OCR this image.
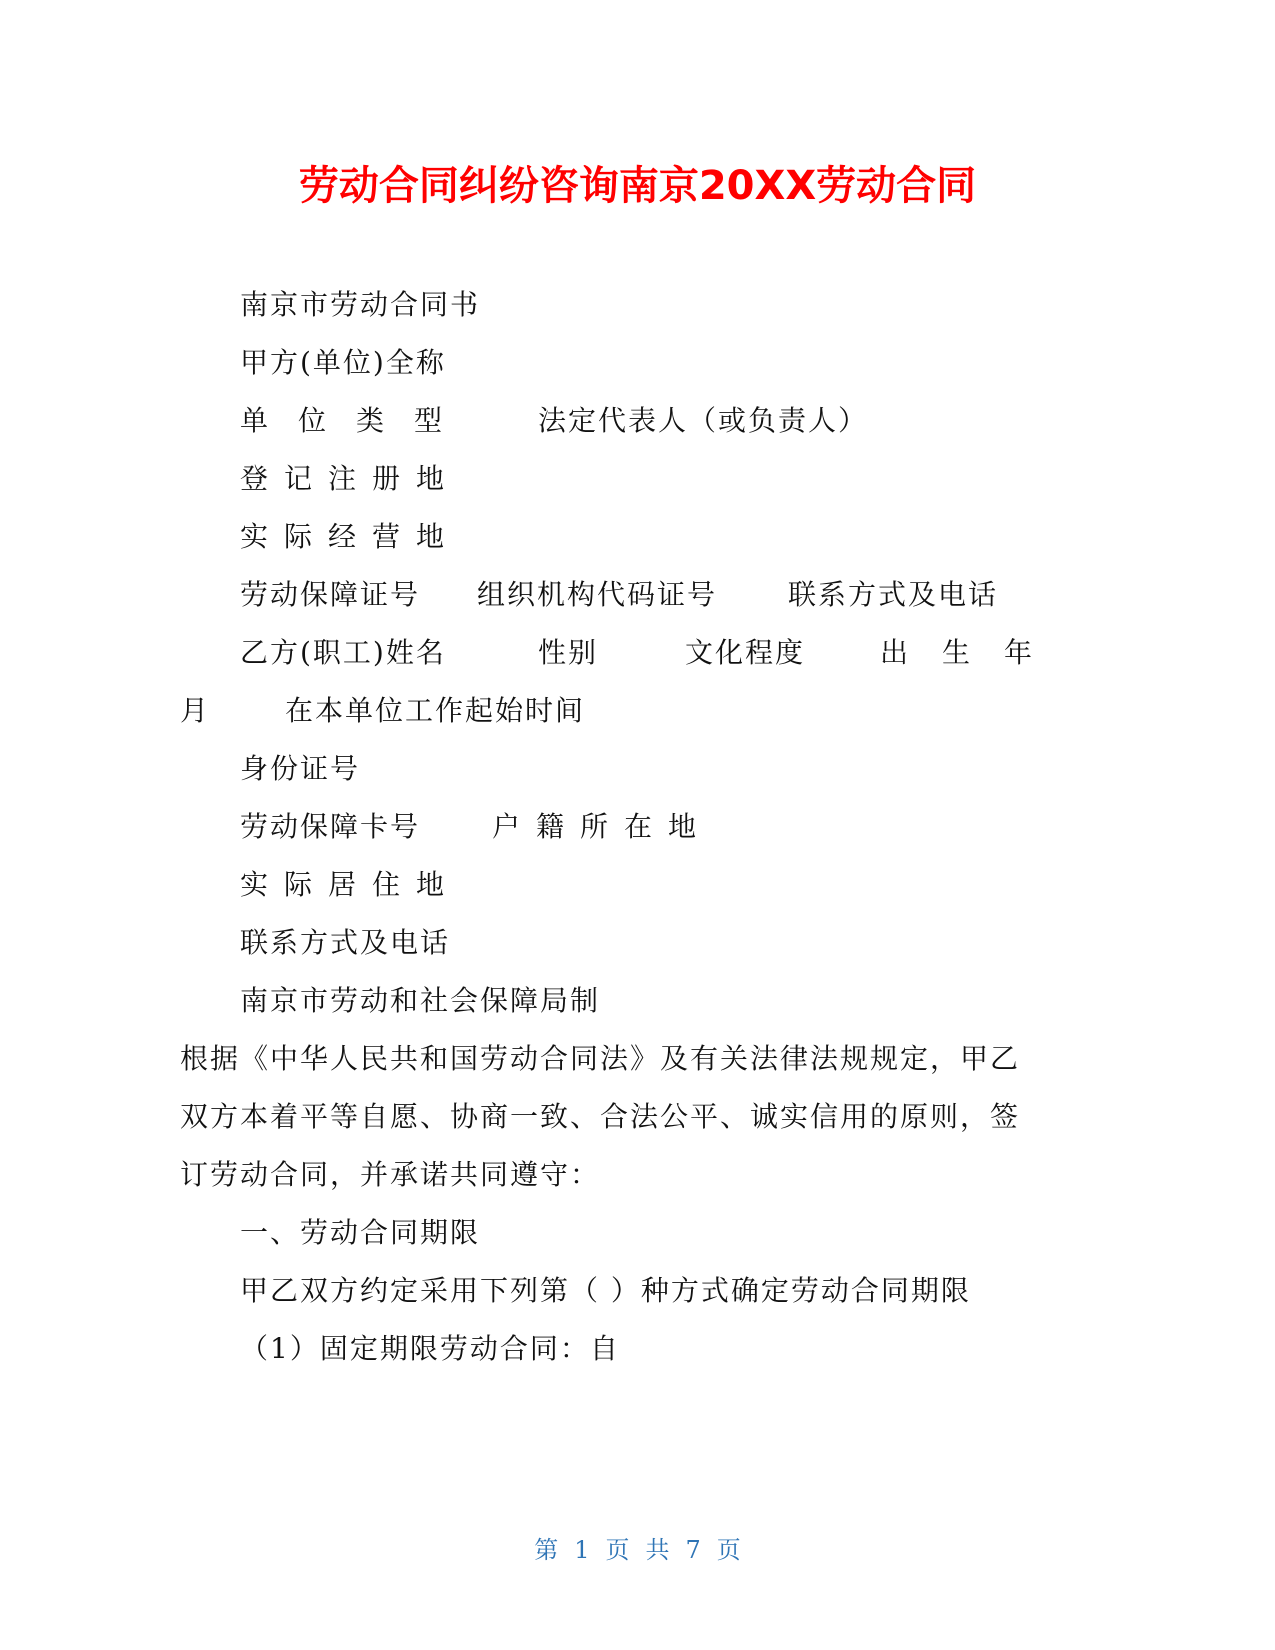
劳动合同纠纷咨询南京20XX劳动合同
南京市劳动合同书
甲方(单位)全称
单位类型 法定代表人（或负责人）
登记注册地
实际经营地
劳动保障证号 组织机构代码证号	联系方式及电话
乙方(职工)姓名	性别	文化程度	出生年
月	在本单位工作起始时间
身份证号
劳动保障卡号	户籍所在地
实际居住地
联系方式及电话
南京市劳动和社会保障局制
根据《中华人民共和国劳动合同法》及有关法律法规规定，甲乙
双方本着平等自愿、协商一致、合法公平、诚实信用的原则，签
订劳动合同，并承诺共同遵守：
一、劳动合同期限
甲乙双方约定采用下列第（ ）种方式确定劳动合同期限
（1）固定期限劳动合同：自
第 1 页 共 7 页
